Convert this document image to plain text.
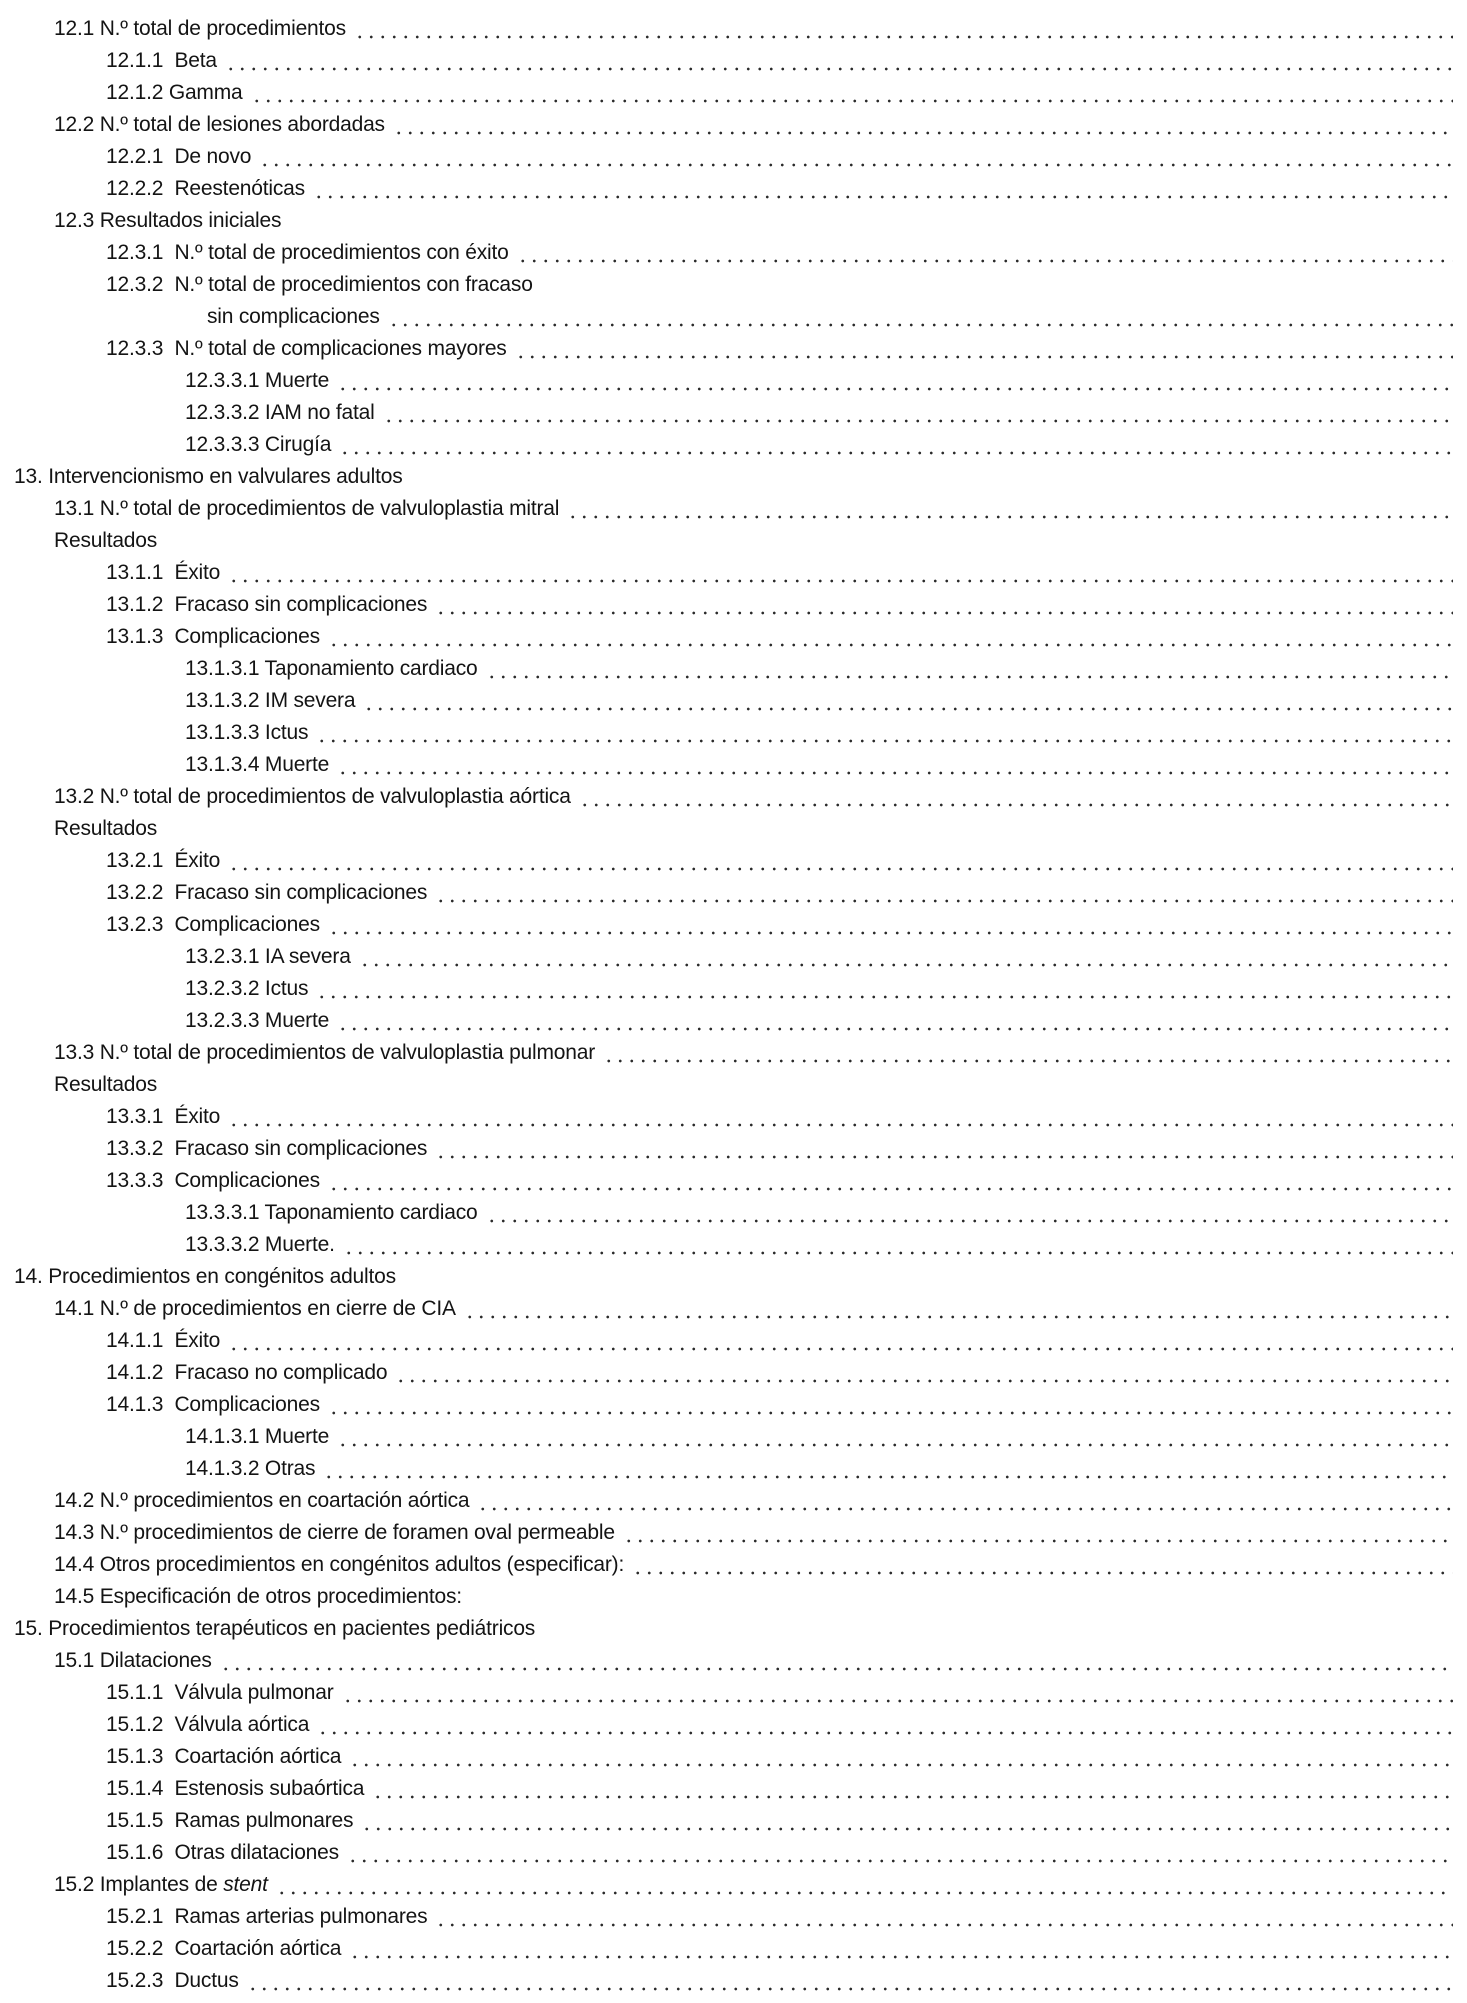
12.1 N.º total de procedimientos
12.1.1  Beta
12.1.2 Gamma
12.2 N.º total de lesiones abordadas
12.2.1  De novo
12.2.2  Reestenóticas
12.3 Resultados iniciales
12.3.1  N.º total de procedimientos con éxito
12.3.2  N.º total de procedimientos con fracaso
sin complicaciones
12.3.3  N.º total de complicaciones mayores
12.3.3.1 Muerte
12.3.3.2 IAM no fatal
12.3.3.3 Cirugía
13. Intervencionismo en valvulares adultos
13.1 N.º total de procedimientos de valvuloplastia mitral
Resultados
13.1.1  Éxito
13.1.2  Fracaso sin complicaciones
13.1.3  Complicaciones
13.1.3.1 Taponamiento cardiaco
13.1.3.2 IM severa
13.1.3.3 Ictus
13.1.3.4 Muerte
13.2 N.º total de procedimientos de valvuloplastia aórtica
Resultados
13.2.1  Éxito
13.2.2  Fracaso sin complicaciones
13.2.3  Complicaciones
13.2.3.1 IA severa
13.2.3.2 Ictus
13.2.3.3 Muerte
13.3 N.º total de procedimientos de valvuloplastia pulmonar
Resultados
13.3.1  Éxito
13.3.2  Fracaso sin complicaciones
13.3.3  Complicaciones
13.3.3.1 Taponamiento cardiaco
13.3.3.2 Muerte.
14. Procedimientos en congénitos adultos
14.1 N.º de procedimientos en cierre de CIA
14.1.1  Éxito
14.1.2  Fracaso no complicado
14.1.3  Complicaciones
14.1.3.1 Muerte
14.1.3.2 Otras
14.2 N.º procedimientos en coartación aórtica
14.3 N.º procedimientos de cierre de foramen oval permeable
14.4 Otros procedimientos en congénitos adultos (especificar):
14.5 Especificación de otros procedimientos:
15. Procedimientos terapéuticos en pacientes pediátricos
15.1 Dilataciones
15.1.1  Válvula pulmonar
15.1.2  Válvula aórtica
15.1.3  Coartación aórtica
15.1.4  Estenosis subaórtica
15.1.5  Ramas pulmonares
15.1.6  Otras dilataciones
15.2 Implantes de stent
15.2.1  Ramas arterias pulmonares
15.2.2  Coartación aórtica
15.2.3  Ductus
